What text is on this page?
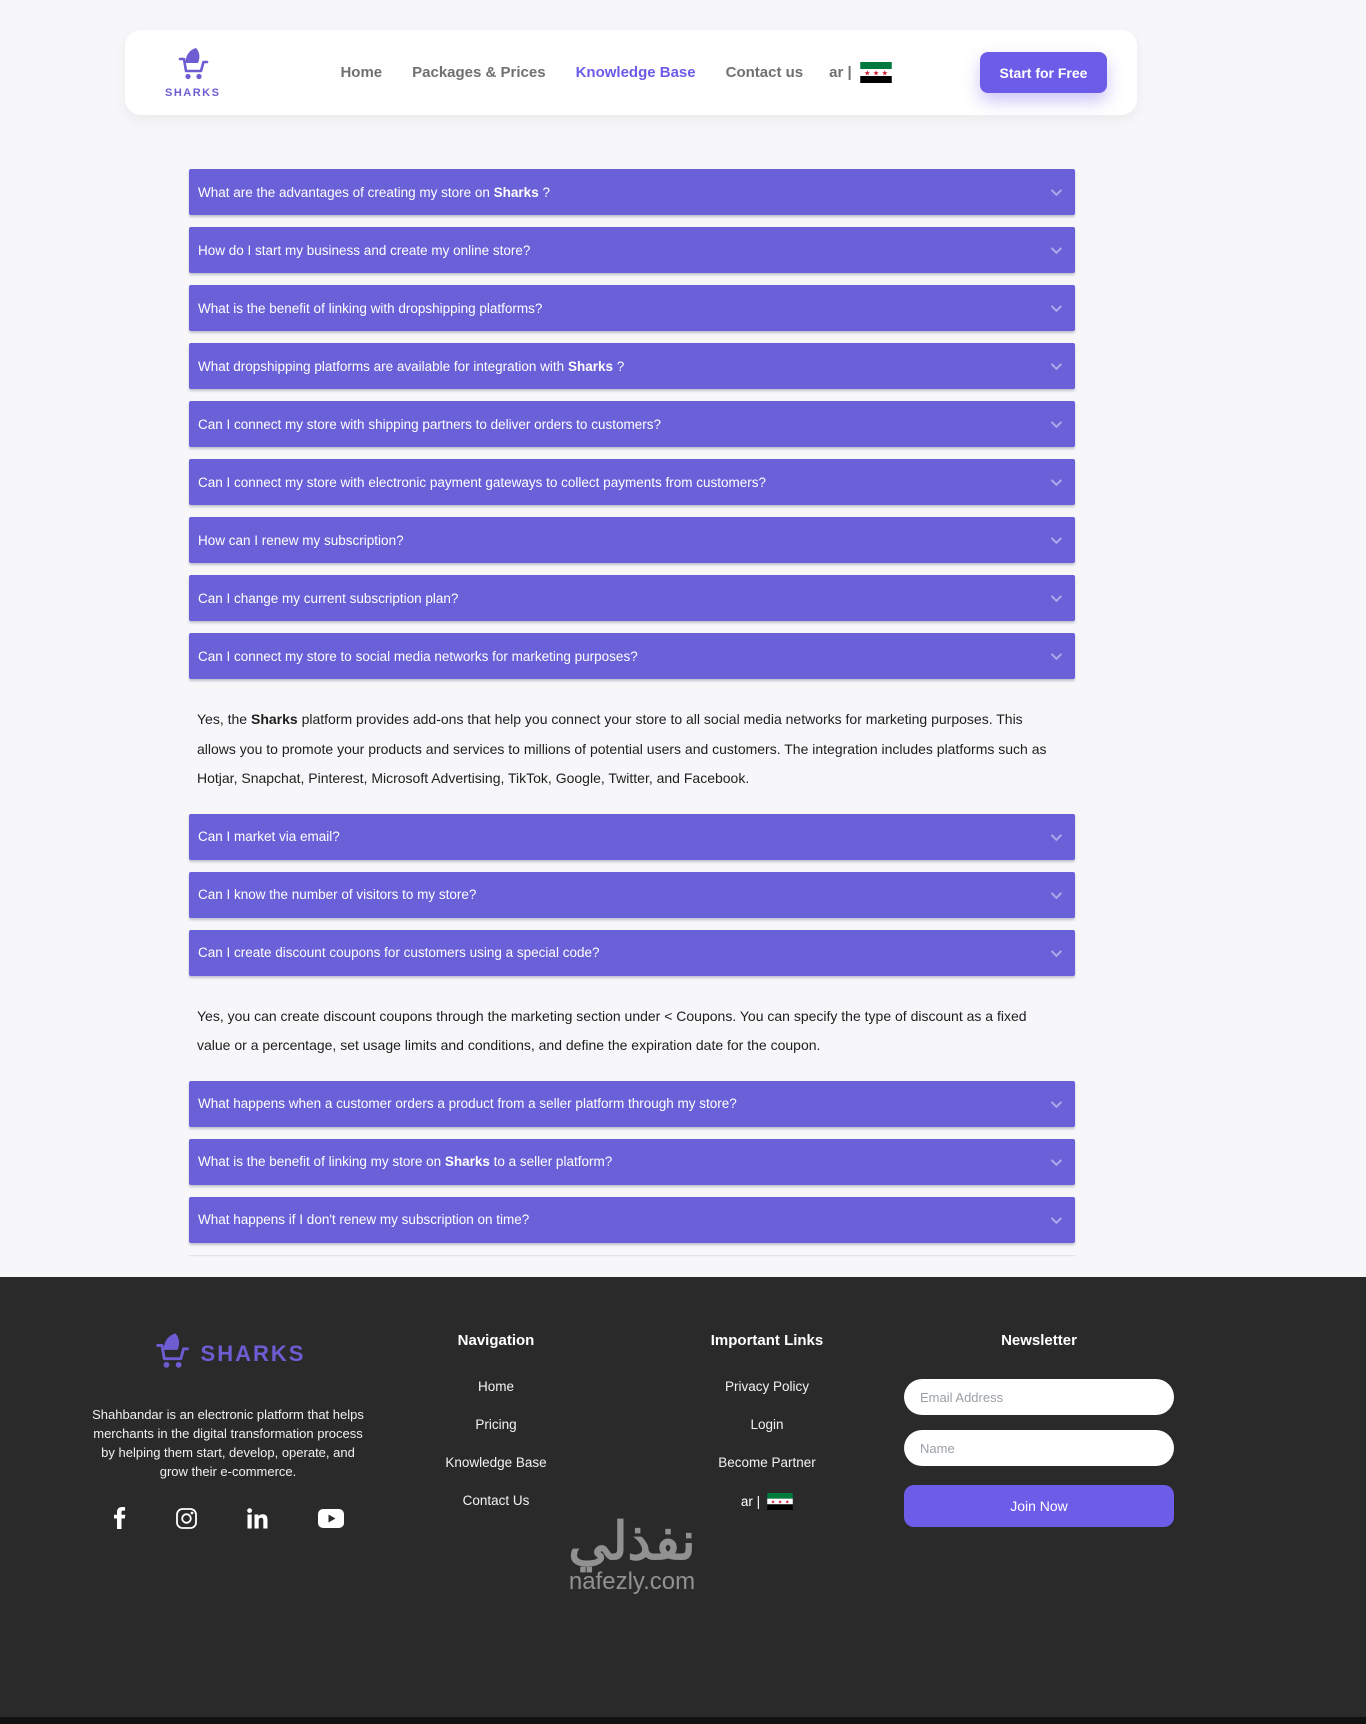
SHARKS
Home Packages & Prices Knowledge Base Contact us ar | ★ ★ ★	Start for Free
What are the advantages of creating my store on Sharks ?
How do I start my business and create my online store?
What is the benefit of linking with dropshipping platforms?
What dropshipping platforms are available for integration with Sharks ?
Can I connect my store with shipping partners to deliver orders to customers?
Can I connect my store with electronic payment gateways to collect payments from customers?
How can I renew my subscription?
Can I change my current subscription plan?
Can I connect my store to social media networks for marketing purposes?
Yes, the Sharks platform provides add-ons that help you connect your store to all social media networks for marketing purposes. This allows you to promote your products and services to millions of potential users and customers. The integration includes platforms such as Hotjar, Snapchat, Pinterest, Microsoft Advertising, TikTok, Google, Twitter, and Facebook.
Can I market via email?
Can I know the number of visitors to my store?
Can I create discount coupons for customers using a special code?
Yes, you can create discount coupons through the marketing section under < Coupons. You can specify the type of discount as a fixed value or a percentage, set usage limits and conditions, and define the expiration date for the coupon.
What happens when a customer orders a product from a seller platform through my store?
What is the benefit of linking my store on Sharks to a seller platform?
What happens if I don't renew my subscription on time?
SHARKS

Shahbandar is an electronic platform that helps merchants in the digital transformation process by helping them start, develop, operate, and grow their e-commerce.

Navigation
Home
Pricing
Knowledge Base
Contact Us
Important Links
Privacy Policy
Login
Become Partner
ar | ★ ★ ★
Newsletter
Email Address Name Join Now
نفذلي
nafezly.com
